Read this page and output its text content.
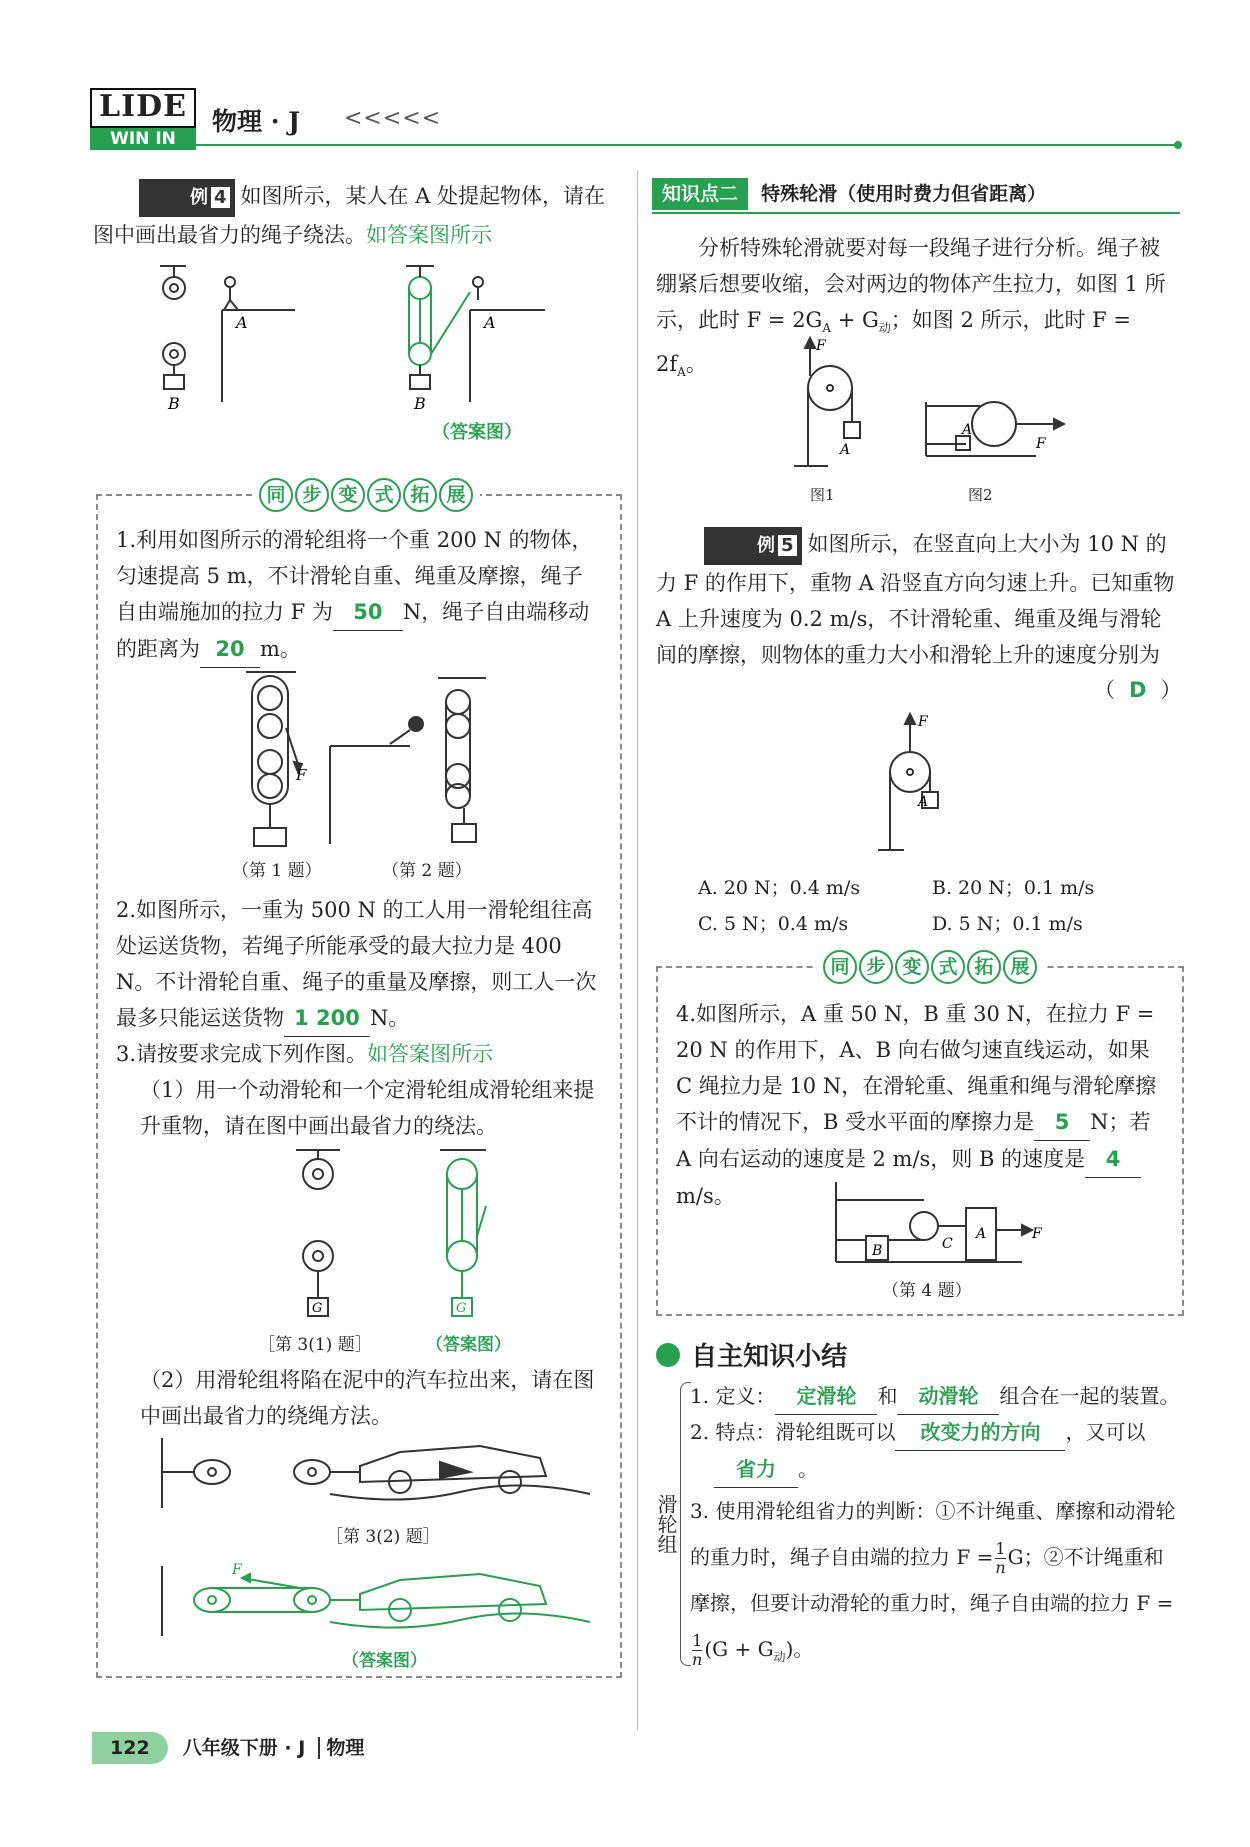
LIDE
WIN IN
物理 · J <<<<<
例 4 如图所示，某人在 A 处提起物体，请在图中画出最省力的绳子绕法。如答案图所示
A
B
A
B
（答案图）
同 步 变 式 拓 展
1.利用如图所示的滑轮组将一个重 200 N 的物体，匀速提高 5 m，不计滑轮自重、绳重及摩擦，绳子自由端施加的拉力 F 为 50 N，绳子自由端移动的距离为 20 m。
F
（第 1 题）	（第 2 题）
2.如图所示，一重为 500 N 的工人用一滑轮组往高处运送货物，若绳子所能承受的最大拉力是 400 N。不计滑轮自重、绳子的重量及摩擦，则工人一次最多只能运送货物 1 200 N。
3.请按要求完成下列作图。如答案图所示
（1）用一个动滑轮和一个定滑轮组成滑轮组来提升重物，请在图中画出最省力的绕法。
G	G
［第 3(1) 题］	（答案图）
（2）用滑轮组将陷在泥中的汽车拉出来，请在图中画出最省力的绕绳方法。
［第 3(2) 题］
F
（答案图）
知识点二 特殊轮滑（使用时费力但省距离）
分析特殊轮滑就要对每一段绳子进行分析。绳子被绷紧后想要收缩，会对两边的物体产生拉力，如图 1 所示，此时 $F = 2G_A + G_动$；如图 2 所示，此时 $F = 2f_A$。
F
A
A
F
图1	图2
例 5 如图所示，在竖直向上大小为 10 N 的力 F 的作用下，重物 A 沿竖直方向匀速上升。已知重物 A 上升速度为 0.2 m/s，不计滑轮重、绳重及绳与滑轮间的摩擦，则物体的重力大小和滑轮上升的速度分别为
（ D ）
F
A
A. 20 N；0.4 m/s	B. 20 N；0.1 m/s
C. 5 N；0.4 m/s	D. 5 N；0.1 m/s
同 步 变 式 拓 展
4.如图所示，A 重 50 N，B 重 30 N，在拉力 F = 20 N 的作用下，A、B 向右做匀速直线运动，如果 C 绳拉力是 10 N，在滑轮重、绳重和绳与滑轮摩擦不计的情况下，B 受水平面的摩擦力是 5 N；若 A 向右运动的速度是 2 m/s，则 B 的速度是 4m/s。
B	C
A	F
（第 4 题）
自主知识小结
滑轮组
1. 定义： 定滑轮 和 动滑轮 组合在一起的装置。
2. 特点：滑轮组既可以 改变力的方向 ，又可以
省力 。
3. 使用滑轮组省力的判断：①不计绳重、摩擦和动滑轮的重力时，绳子自由端的拉力 $F = \frac{1}{n}$ G；②不计绳重和摩擦，但要计动滑轮的重力时，绳子自由端的拉力 F =
$\frac{1}{n} (G + G_动)$。
122 八年级下册 · J 物理
